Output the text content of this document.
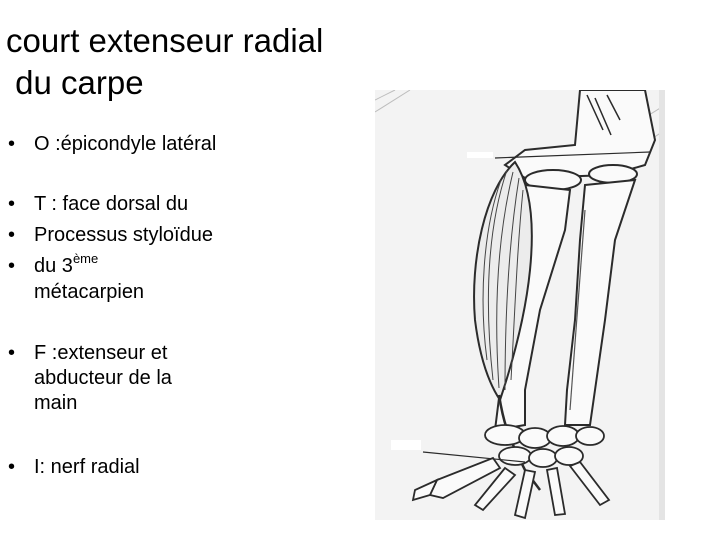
court extenseur radial
du carpe
• O :épicondyle latéral
• T : face dorsal du
• Processus styloïdue
• du 3ème
métacarpien
• F :extenseur et
abducteur de la
main
• I: nerf radial
